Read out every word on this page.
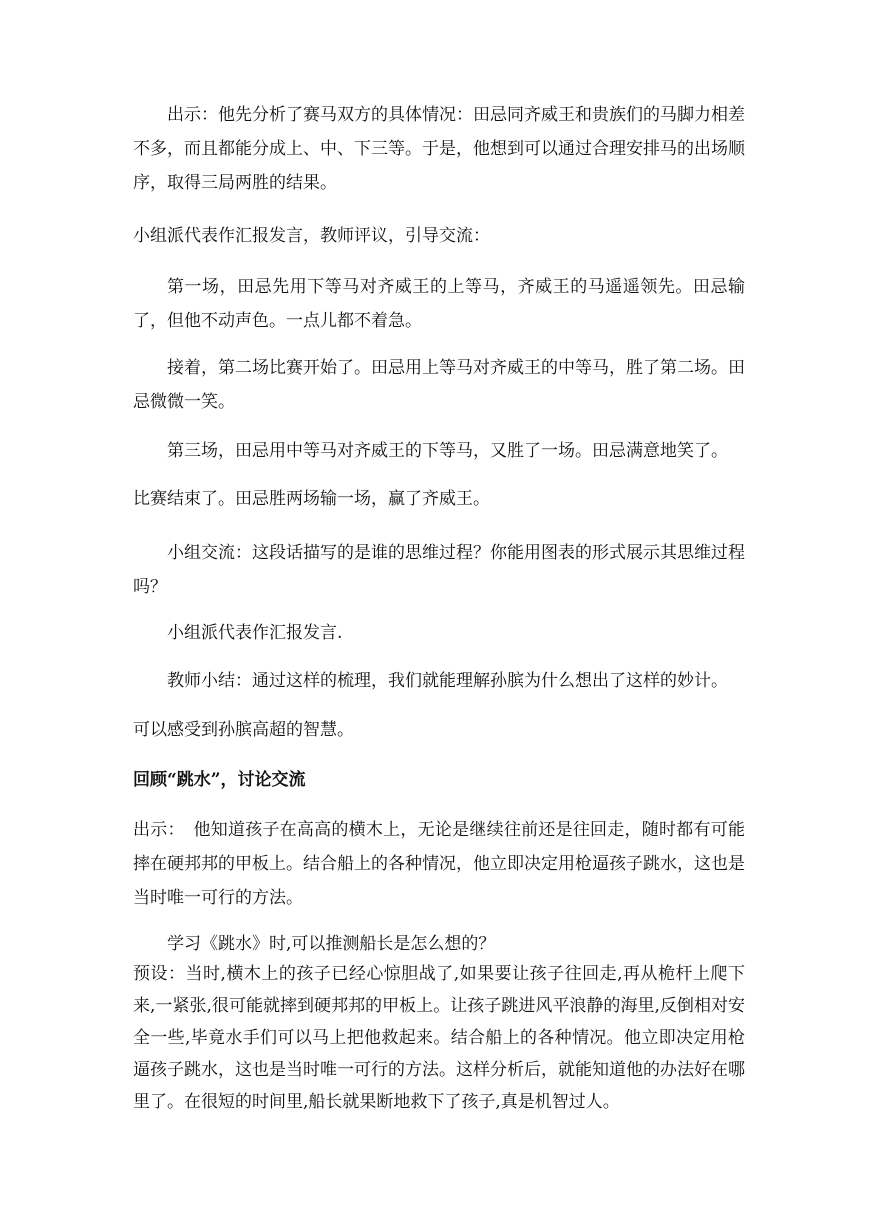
出示：他先分析了赛马双方的具体情况：田忌同齐威王和贵族们的马脚力相差不多，而且都能分成上、中、下三等。于是，他想到可以通过合理安排马的出场顺序，取得三局两胜的结果。

小组派代表作汇报发言，教师评议，引导交流：

第一场，田忌先用下等马对齐威王的上等马，齐威王的马遥遥领先。田忌输了，但他不动声色。一点儿都不着急。

接着，第二场比赛开始了。田忌用上等马对齐威王的中等马，胜了第二场。田忌微微一笑。

第三场，田忌用中等马对齐威王的下等马，又胜了一场。田忌满意地笑了。

比赛结束了。田忌胜两场输一场，赢了齐威王。

小组交流：这段话描写的是谁的思维过程？你能用图表的形式展示其思维过程吗？

小组派代表作汇报发言.

教师小结：通过这样的梳理，我们就能理解孙膑为什么想出了这样的妙计。

可以感受到孙膑高超的智慧。

回顾“跳水”，讨论交流

出示：　他知道孩子在高高的横木上，无论是继续往前还是往回走，随时都有可能摔在硬邦邦的甲板上。结合船上的各种情况，他立即决定用枪逼孩子跳水，这也是当时唯一可行的方法。

学习《跳水》时,可以推测船长是怎么想的？

预设：当时,横木上的孩子已经心惊胆战了,如果要让孩子往回走,再从桅杆上爬下来,一紧张,很可能就摔到硬邦邦的甲板上。让孩子跳进风平浪静的海里,反倒相对安全一些,毕竟水手们可以马上把他救起来。结合船上的各种情况。他立即决定用枪逼孩子跳水，这也是当时唯一可行的方法。这样分析后，就能知道他的办法好在哪里了。在很短的时间里,船长就果断地救下了孩子,真是机智过人。
